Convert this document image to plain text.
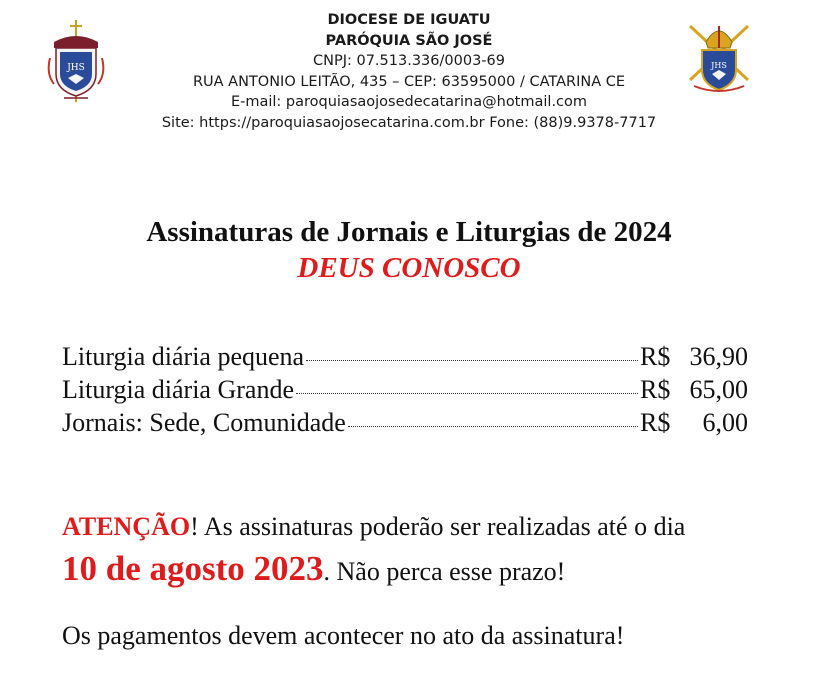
JHS	JHS
DIOCESE DE IGUATU
PARÓQUIA SÃO JOSÉ
CNPJ: 07.513.336/0003-69
RUA ANTONIO LEITÃO, 435 – CEP: 63595000 / CATARINA CE
E-mail: paroquiasaojosedecatarina@hotmail.com
Site: https://paroquiasaojosecatarina.com.br Fone: (88)9.9378-7717
Assinaturas de Jornais e Liturgias de 2024
DEUS CONOSCO
Liturgia diária pequena	R$ 36,90
Liturgia diária Grande	R$ 65,00
Jornais: Sede, Comunidade	R$	6,00
ATENÇÃO! As assinaturas poderão ser realizadas até o dia
10 de agosto 2023. Não perca esse prazo!
Os pagamentos devem acontecer no ato da assinatura!
